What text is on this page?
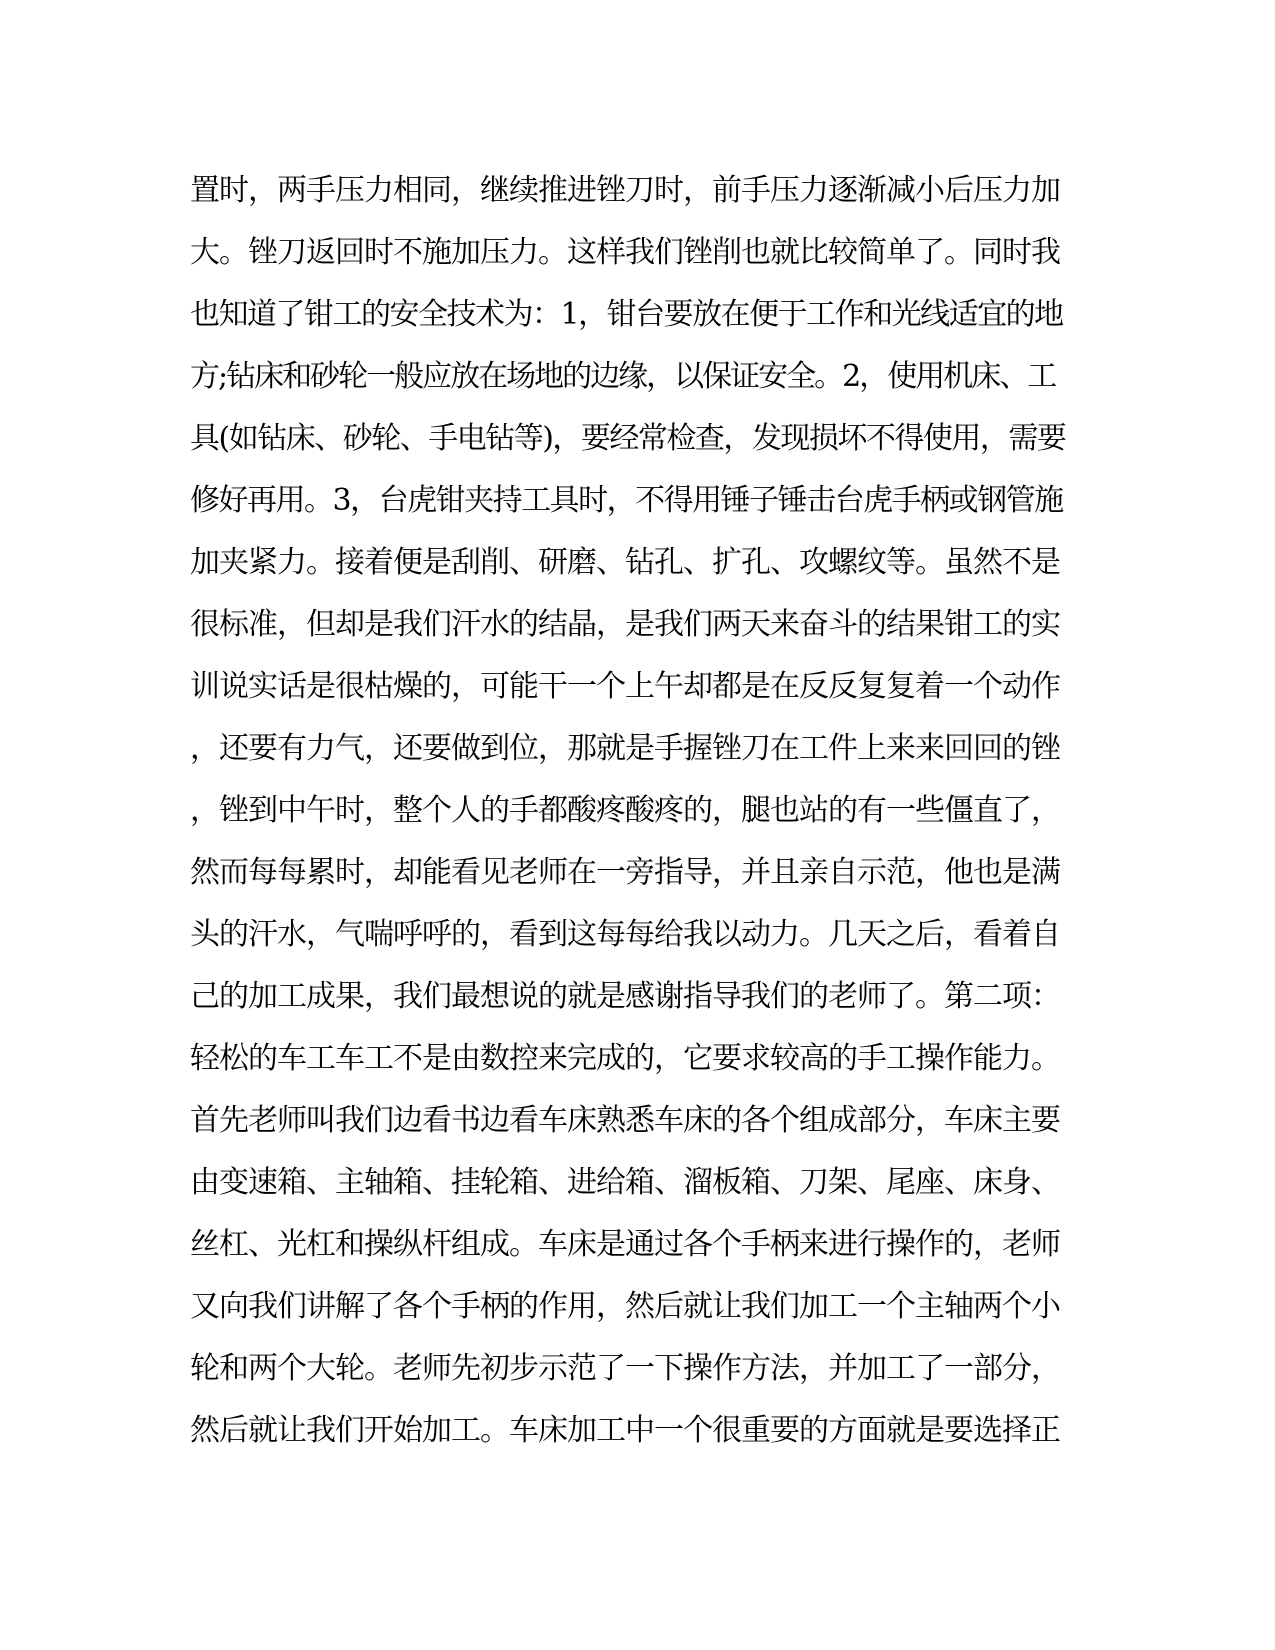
置时，两手压力相同，继续推进锉刀时，前手压力逐渐减小后压力加
大。锉刀返回时不施加压力。这样我们锉削也就比较简单了。同时我
也知道了钳工的安全技术为：1，钳台要放在便于工作和光线适宜的地
方;钻床和砂轮一般应放在场地的边缘，以保证安全。2，使用机床、工
具(如钻床、砂轮、手电钻等)，要经常检查，发现损坏不得使用，需要
修好再用。3，台虎钳夹持工具时，不得用锤子锤击台虎手柄或钢管施
加夹紧力。接着便是刮削、研磨、钻孔、扩孔、攻螺纹等。虽然不是
很标准，但却是我们汗水的结晶，是我们两天来奋斗的结果钳工的实
训说实话是很枯燥的，可能干一个上午却都是在反反复复着一个动作
，还要有力气，还要做到位，那就是手握锉刀在工件上来来回回的锉
，锉到中午时，整个人的手都酸疼酸疼的，腿也站的有一些僵直了，
然而每每累时，却能看见老师在一旁指导，并且亲自示范，他也是满
头的汗水，气喘呼呼的，看到这每每给我以动力。几天之后，看着自
己的加工成果，我们最想说的就是感谢指导我们的老师了。第二项：
轻松的车工车工不是由数控来完成的，它要求较高的手工操作能力。
首先老师叫我们边看书边看车床熟悉车床的各个组成部分，车床主要
由变速箱、主轴箱、挂轮箱、进给箱、溜板箱、刀架、尾座、床身、
丝杠、光杠和操纵杆组成。车床是通过各个手柄来进行操作的，老师
又向我们讲解了各个手柄的作用，然后就让我们加工一个主轴两个小
轮和两个大轮。老师先初步示范了一下操作方法，并加工了一部分，
然后就让我们开始加工。车床加工中一个很重要的方面就是要选择正
